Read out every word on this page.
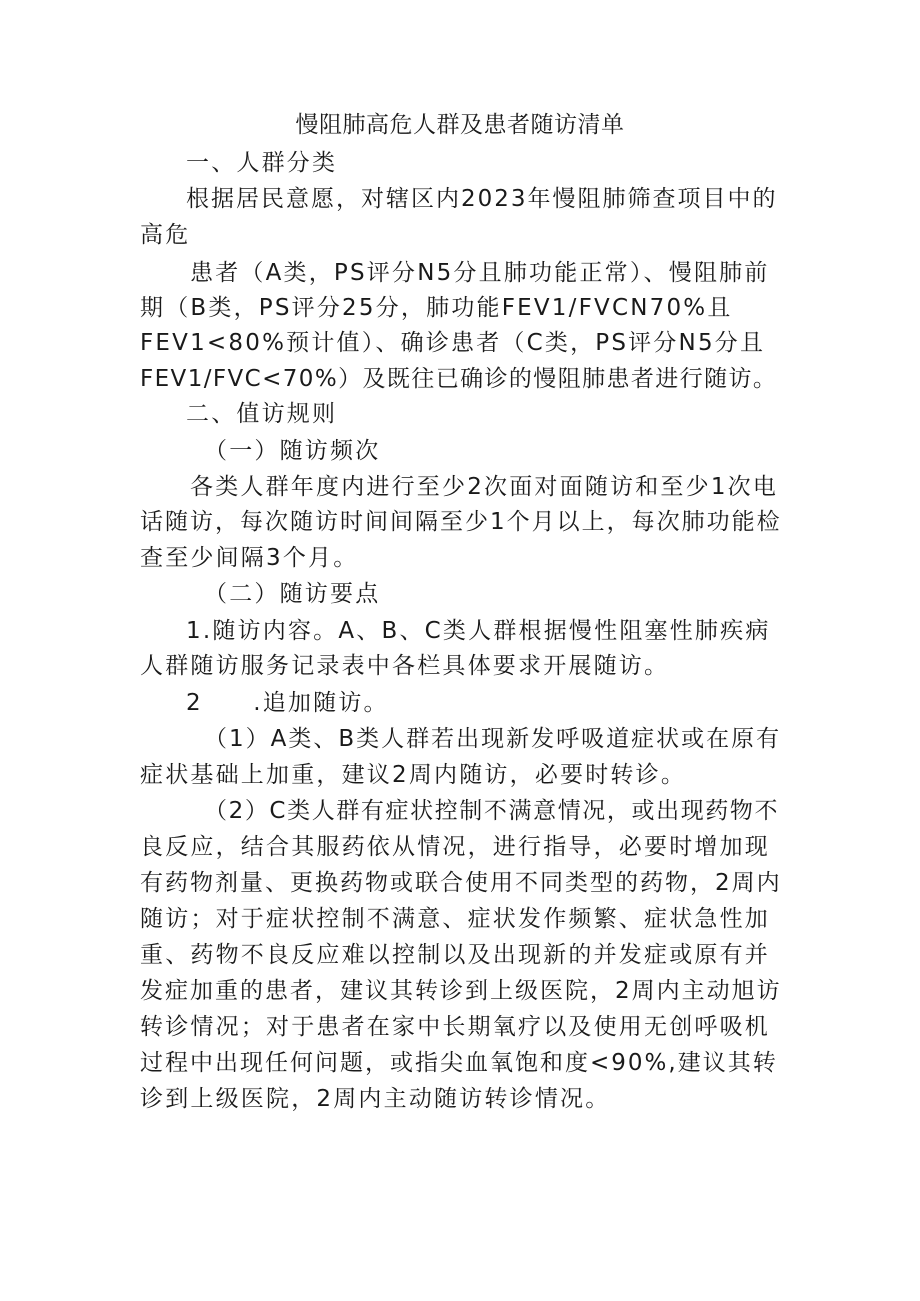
慢阻肺高危人群及患者随访清单
一、人群分类
根据居民意愿，对辖区内2023年慢阻肺筛查项目中的
高危
患者（A类，PS评分N5分且肺功能正常）、慢阻肺前
期（B类，PS评分25分，肺功能FEV1/FVCN70%且
FEV1<80%预计值）、确诊患者（C类，PS评分N5分且
FEV1/FVC<70%）及既往已确诊的慢阻肺患者进行随访。
二、值访规则
（一）随访频次
各类人群年度内进行至少2次面对面随访和至少1次电
话随访，每次随访时间间隔至少1个月以上，每次肺功能检
查至少间隔3个月。
（二）随访要点
1.随访内容。A、B、C类人群根据慢性阻塞性肺疾病
人群随访服务记录表中各栏具体要求开展随访。
2　　.追加随访。
（1）A类、B类人群若出现新发呼吸道症状或在原有
症状基础上加重，建议2周内随访，必要时转诊。
（2）C类人群有症状控制不满意情况，或出现药物不
良反应，结合其服药依从情况，进行指导，必要时增加现
有药物剂量、更换药物或联合使用不同类型的药物，2周内
随访；对于症状控制不满意、症状发作频繁、症状急性加
重、药物不良反应难以控制以及出现新的并发症或原有并
发症加重的患者，建议其转诊到上级医院，2周内主动旭访
转诊情况；对于患者在家中长期氧疗以及使用无创呼吸机
过程中出现任何问题，或指尖血氧饱和度<90%,建议其转
诊到上级医院，2周内主动随访转诊情况。
